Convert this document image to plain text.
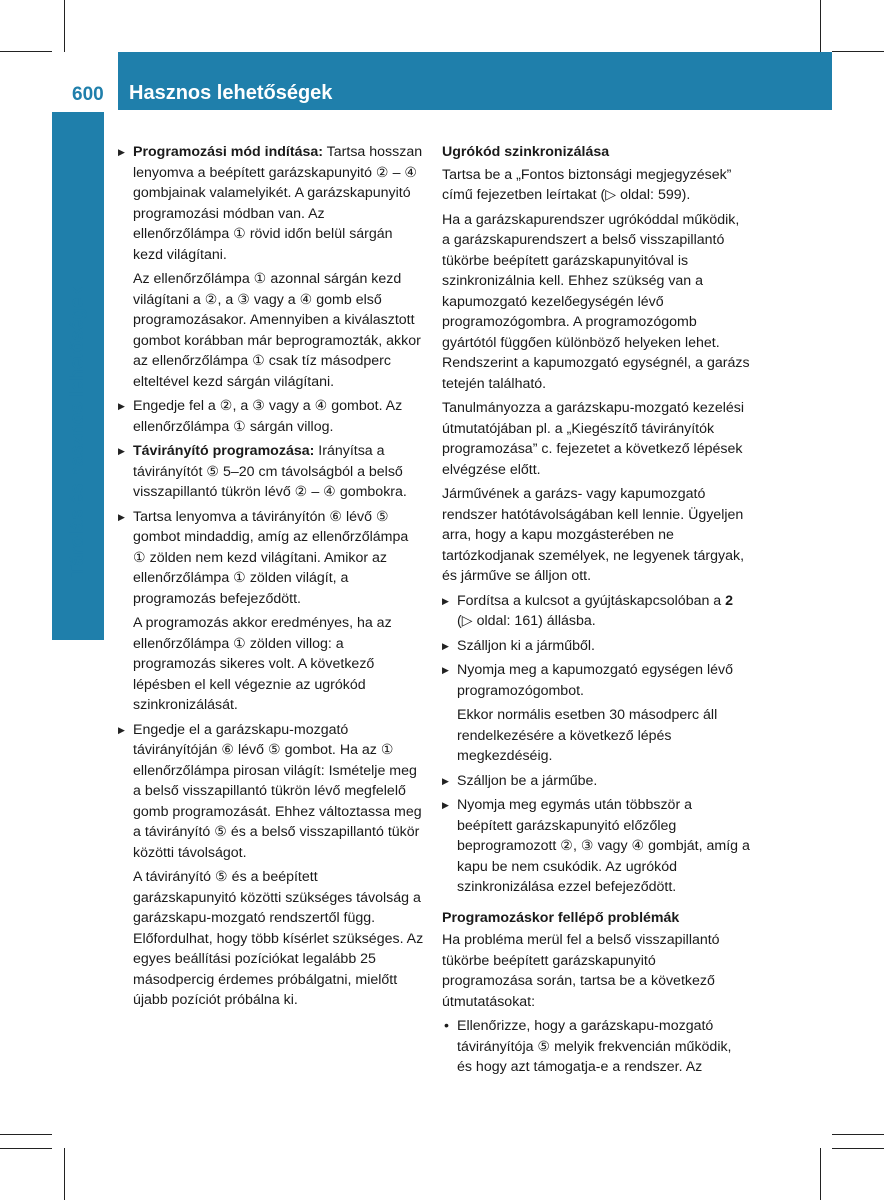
600 Hasznos lehetőségek
Tárolás és hasznos lehetőségek

▶ Programozási mód indítása: Tartsa hosszan lenyomva a beépített garázskapunyitó ② – ④ gombjainak valamelyikét. A garázskapunyitó programozási módban van. Az ellenőrzőlámpa ① rövid időn belül sárgán kezd világítani.

Az ellenőrzőlámpa ① azonnal sárgán kezd világítani a ②, a ③ vagy a ④ gomb első programozásakor. Amennyiben a kiválasztott gombot korábban már beprogramozták, akkor az ellenőrzőlámpa ① csak tíz másodperc elteltével kezd sárgán világítani.

▶ Engedje fel a ②, a ③ vagy a ④ gombot. Az ellenőrzőlámpa ① sárgán villog.

▶ Távirányító programozása: Irányítsa a távirányítót ⑤ 5–20 cm távolságból a belső visszapillantó tükrön lévő ② – ④ gombokra.

▶ Tartsa lenyomva a távirányítón ⑥ lévő ⑤ gombot mindaddig, amíg az ellenőrzőlámpa ① zölden nem kezd világítani. Amikor az ellenőrzőlámpa ① zölden világít, a programozás befejeződött.

A programozás akkor eredményes, ha az ellenőrzőlámpa ① zölden villog: a programozás sikeres volt. A következő lépésben el kell végeznie az ugrókód szinkronizálását.

▶ Engedje el a garázskapu-mozgató távirányítóján ⑥ lévő ⑤ gombot. Ha az ① ellenőrzőlámpa pirosan világít: Ismételje meg a belső visszapillantó tükrön lévő megfelelő gomb programozását. Ehhez változtassa meg a távirányító ⑤ és a belső visszapillantó tükör közötti távolságot.

A távirányító ⑤ és a beépített garázskapunyitó közötti szükséges távolság a garázskapu-mozgató rendszertől függ. Előfordulhat, hogy több kísérlet szükséges. Az egyes beállítási pozíciókat legalább 25 másodpercig érdemes próbálgatni, mielőtt újabb pozíciót próbálna ki.

Ugrókód szinkronizálása

Tartsa be a „Fontos biztonsági megjegyzések” című fejezetben leírtakat (▷ oldal: 599).

Ha a garázskapurendszer ugrókóddal működik, a garázskapurendszert a belső visszapillantó tükörbe beépített garázskapunyitóval is szinkronizálnia kell. Ehhez szükség van a kapumozgató kezelőegységén lévő programozógombra. A programozógomb gyártótól függően különböző helyeken lehet. Rendszerint a kapumozgató egységnél, a garázs tetején található.

Tanulmányozza a garázskapu-mozgató kezelési útmutatójában pl. a „Kiegészítő távirányítók programozása” c. fejezetet a következő lépések elvégzése előtt.

Járművének a garázs- vagy kapumozgató rendszer hatótávolságában kell lennie. Ügyeljen arra, hogy a kapu mozgásterében ne tartózkodjanak személyek, ne legyenek tárgyak, és járműve se álljon ott.

▶ Fordítsa a kulcsot a gyújtáskapcsolóban a 2 (▷ oldal: 161) állásba.

▶ Szálljon ki a járműből.

▶ Nyomja meg a kapumozgató egységen lévő programozógombot.

Ekkor normális esetben 30 másodperc áll rendelkezésére a következő lépés megkezdéséig.

▶ Szálljon be a járműbe.

▶ Nyomja meg egymás után többször a beépített garázskapunyitó előzőleg beprogramozott ②, ③ vagy ④ gombját, amíg a kapu be nem csukódik. Az ugrókód szinkronizálása ezzel befejeződött.

Programozáskor fellépő problémák

Ha probléma merül fel a belső visszapillantó tükörbe beépített garázskapunyitó programozása során, tartsa be a következő útmutatásokat:

• Ellenőrizze, hogy a garázskapu-mozgató távirányítója ⑤ melyik frekvencián működik, és hogy azt támogatja-e a rendszer. Az
